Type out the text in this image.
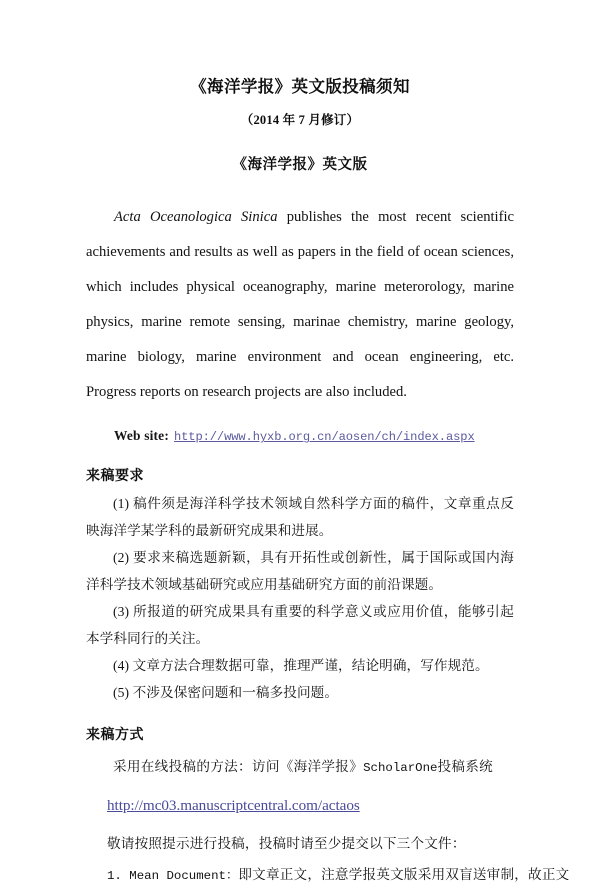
《海洋学报》英文版投稿须知
（2014 年 7 月修订）
《海洋学报》英文版

Acta Oceanologica Sinica publishes the most recent scientific achievements and results as well as papers in the field of ocean sciences, which includes physical oceanography, marine meterorology, marine physics, marine remote sensing, marinae chemistry, marine geology, marine biology, marine environment and ocean engineering, etc. Progress reports on research projects are also included.

Web site: http://www.hyxb.org.cn/aosen/ch/index.aspx

来稿要求

(1) 稿件须是海洋科学技术领域自然科学方面的稿件，文章重点反映海洋学某学科的最新研究成果和进展。

(2) 要求来稿选题新颖，具有开拓性或创新性，属于国际或国内海洋科学技术领域基础研究或应用基础研究方面的前沿课题。

(3) 所报道的研究成果具有重要的科学意义或应用价值，能够引起本学科同行的关注。

(4) 文章方法合理数据可靠，推理严谨，结论明确，写作规范。

(5) 不涉及保密问题和一稿多投问题。

来稿方式

采用在线投稿的方法：访问《海洋学报》ScholarOne投稿系统

http://mc03.manuscriptcentral.com/actaos

敬请按照提示进行投稿，投稿时请至少提交以下三个文件：

1. Mean Document：即文章正文，注意学报英文版采用双盲送审制，故正文
